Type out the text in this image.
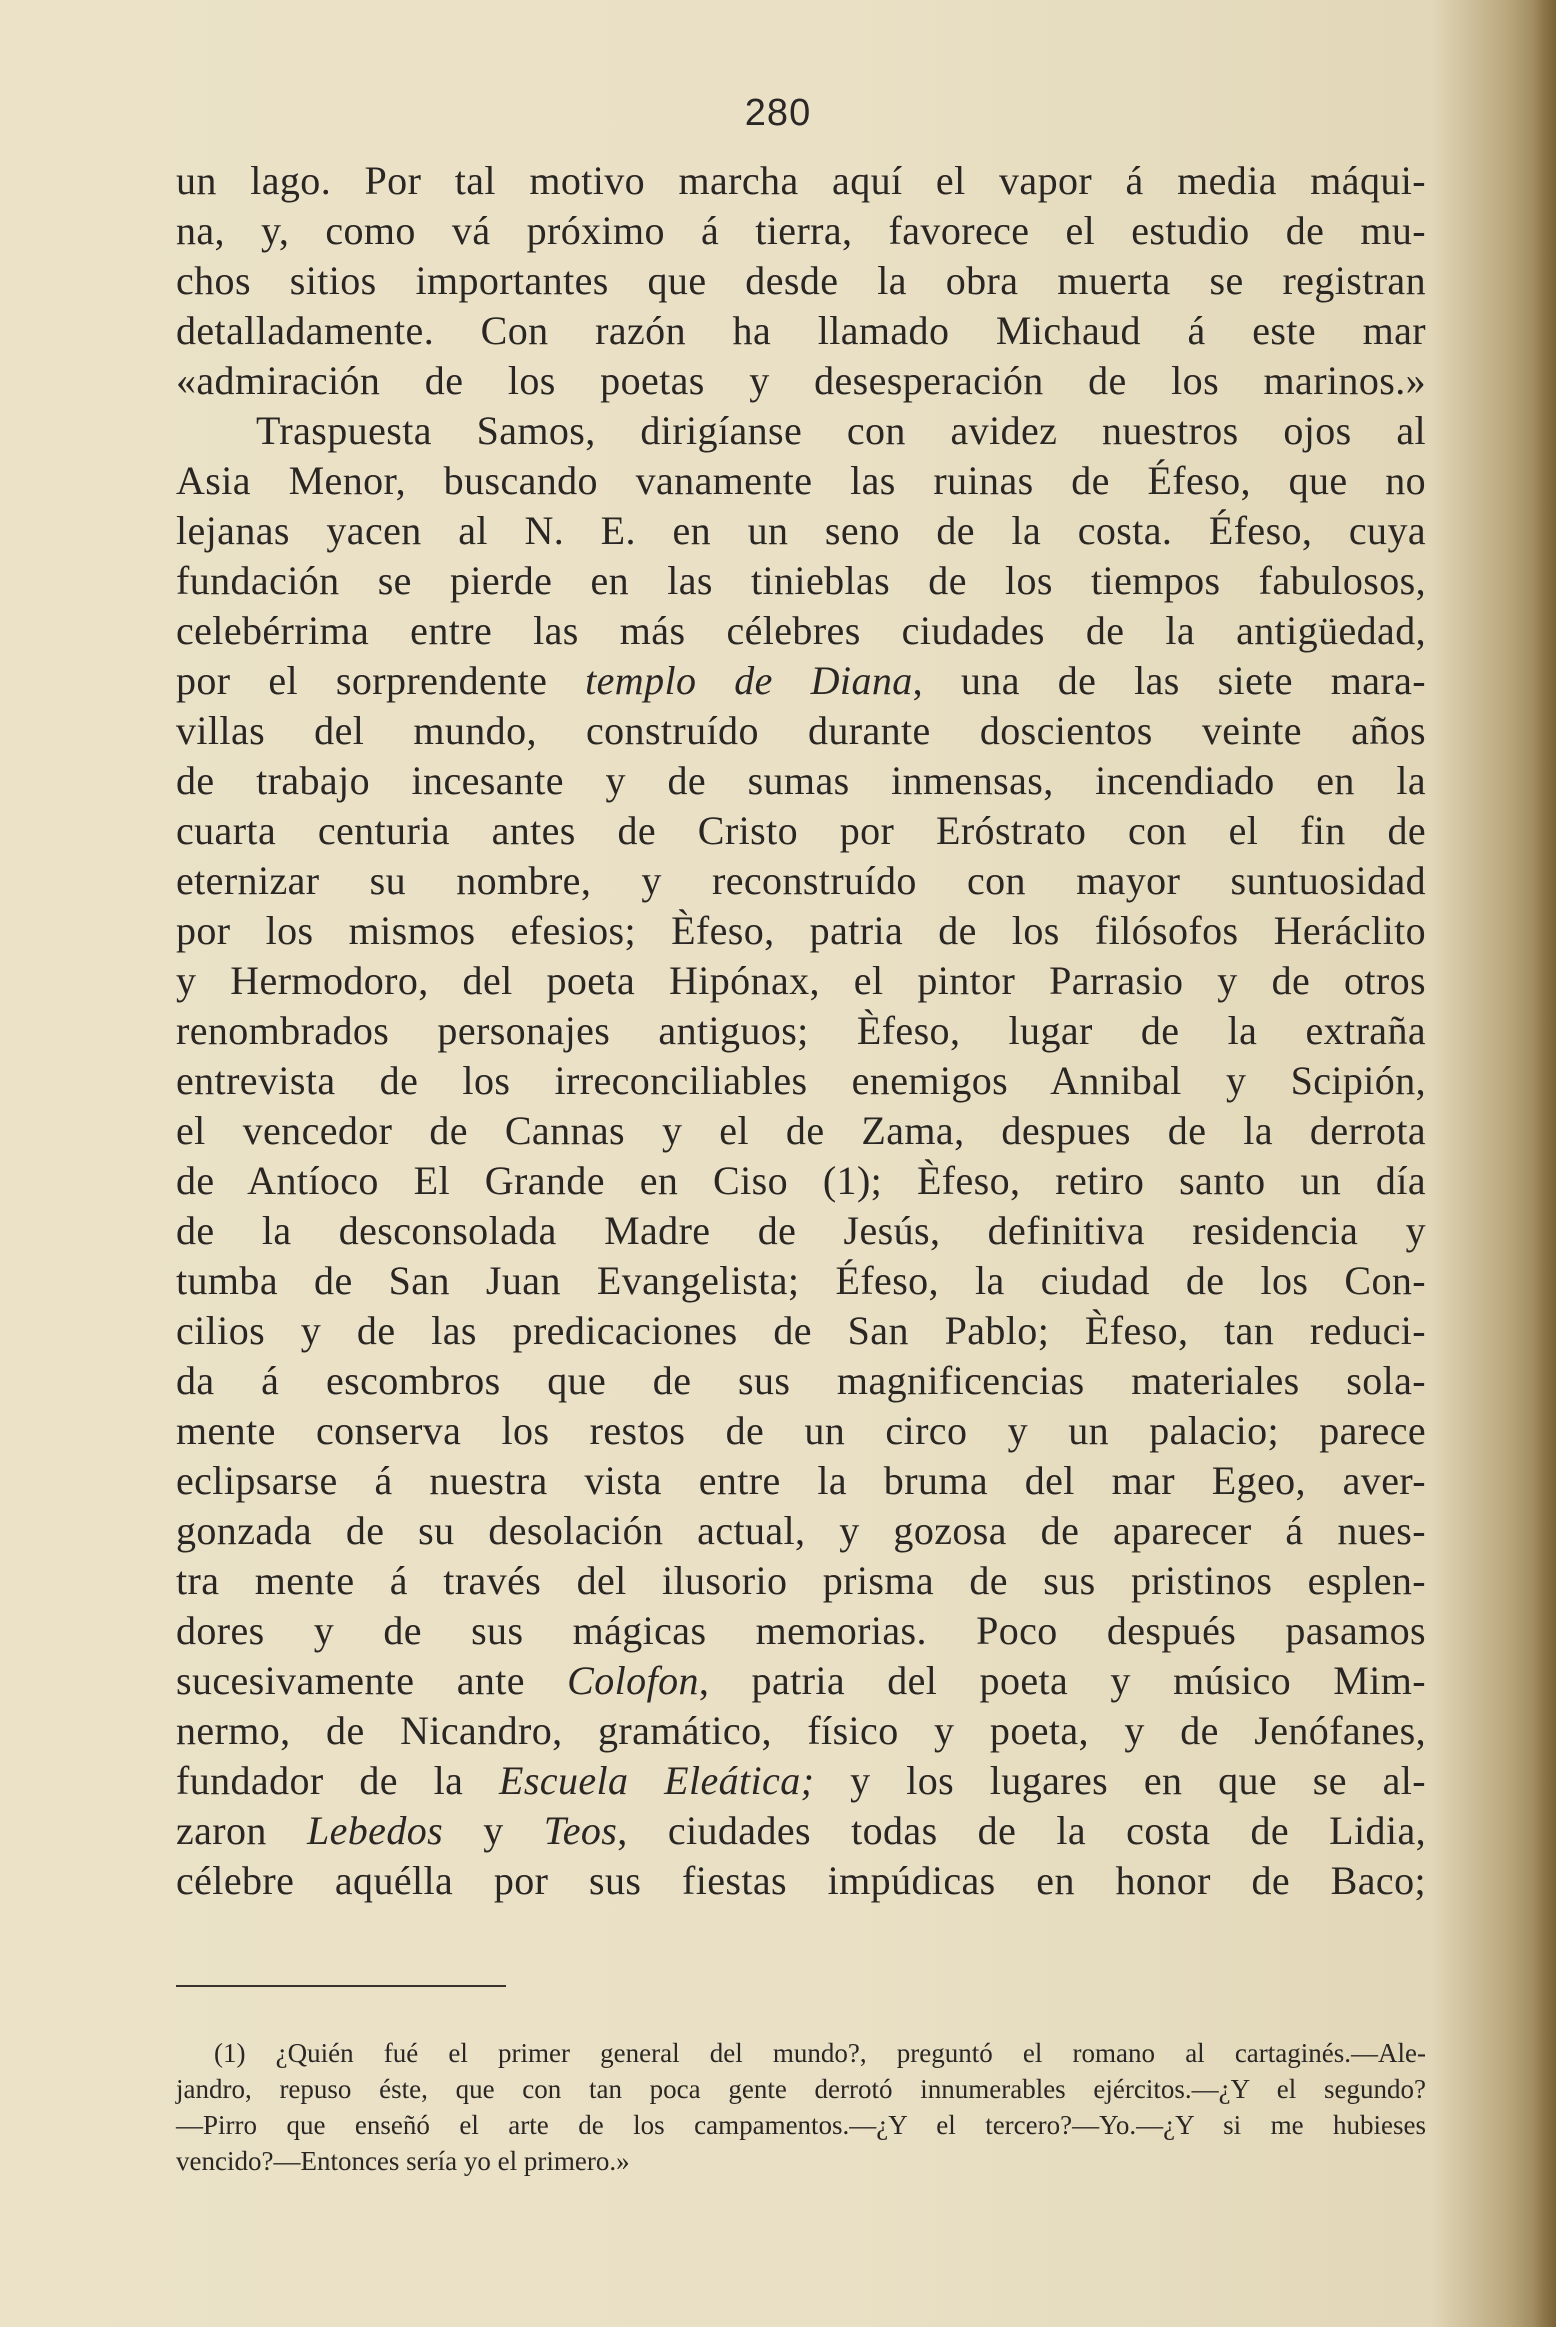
280
un lago. Por tal motivo marcha aquí el vapor á media máqui-
na, y, como vá próximo á tierra, favorece el estudio de mu-
chos sitios importantes que desde la obra muerta se registran
detalladamente. Con razón ha llamado Michaud á este mar
«admiración de los poetas y desesperación de los marinos.»
Traspuesta Samos, dirigíanse con avidez nuestros ojos al
Asia Menor, buscando vanamente las ruinas de Éfeso, que no
lejanas yacen al N. E. en un seno de la costa. Éfeso, cuya
fundación se pierde en las tinieblas de los tiempos fabulosos,
celebérrima entre las más célebres ciudades de la antigüedad,
por el sorprendente templo de Diana, una de las siete mara-
villas del mundo, construído durante doscientos veinte años
de trabajo incesante y de sumas inmensas, incendiado en la
cuarta centuria antes de Cristo por Eróstrato con el fin de
eternizar su nombre, y reconstruído con mayor suntuosidad
por los mismos efesios; Èfeso, patria de los filósofos Heráclito
y Hermodoro, del poeta Hipónax, el pintor Parrasio y de otros
renombrados personajes antiguos; Èfeso, lugar de la extraña
entrevista de los irreconciliables enemigos Annibal y Scipión,
el vencedor de Cannas y el de Zama, despues de la derrota
de Antíoco El Grande en Ciso (1); Èfeso, retiro santo un día
de la desconsolada Madre de Jesús, definitiva residencia y
tumba de San Juan Evangelista; Éfeso, la ciudad de los Con-
cilios y de las predicaciones de San Pablo; Èfeso, tan reduci-
da á escombros que de sus magnificencias materiales sola-
mente conserva los restos de un circo y un palacio; parece
eclipsarse á nuestra vista entre la bruma del mar Egeo, aver-
gonzada de su desolación actual, y gozosa de aparecer á nues-
tra mente á través del ilusorio prisma de sus pristinos esplen-
dores y de sus mágicas memorias. Poco después pasamos
sucesivamente ante Colofon, patria del poeta y músico Mim-
nermo, de Nicandro, gramático, físico y poeta, y de Jenófanes,
fundador de la Escuela Eleática; y los lugares en que se al-
zaron Lebedos y Teos, ciudades todas de la costa de Lidia,
célebre aquélla por sus fiestas impúdicas en honor de Baco;
(1) ¿Quién fué el primer general del mundo?, preguntó el romano al cartaginés.—Ale-
jandro, repuso éste, que con tan poca gente derrotó innumerables ejércitos.—¿Y el segundo?
—Pirro que enseñó el arte de los campamentos.—¿Y el tercero?—Yo.—¿Y si me hubieses
vencido?—Entonces sería yo el primero.»
